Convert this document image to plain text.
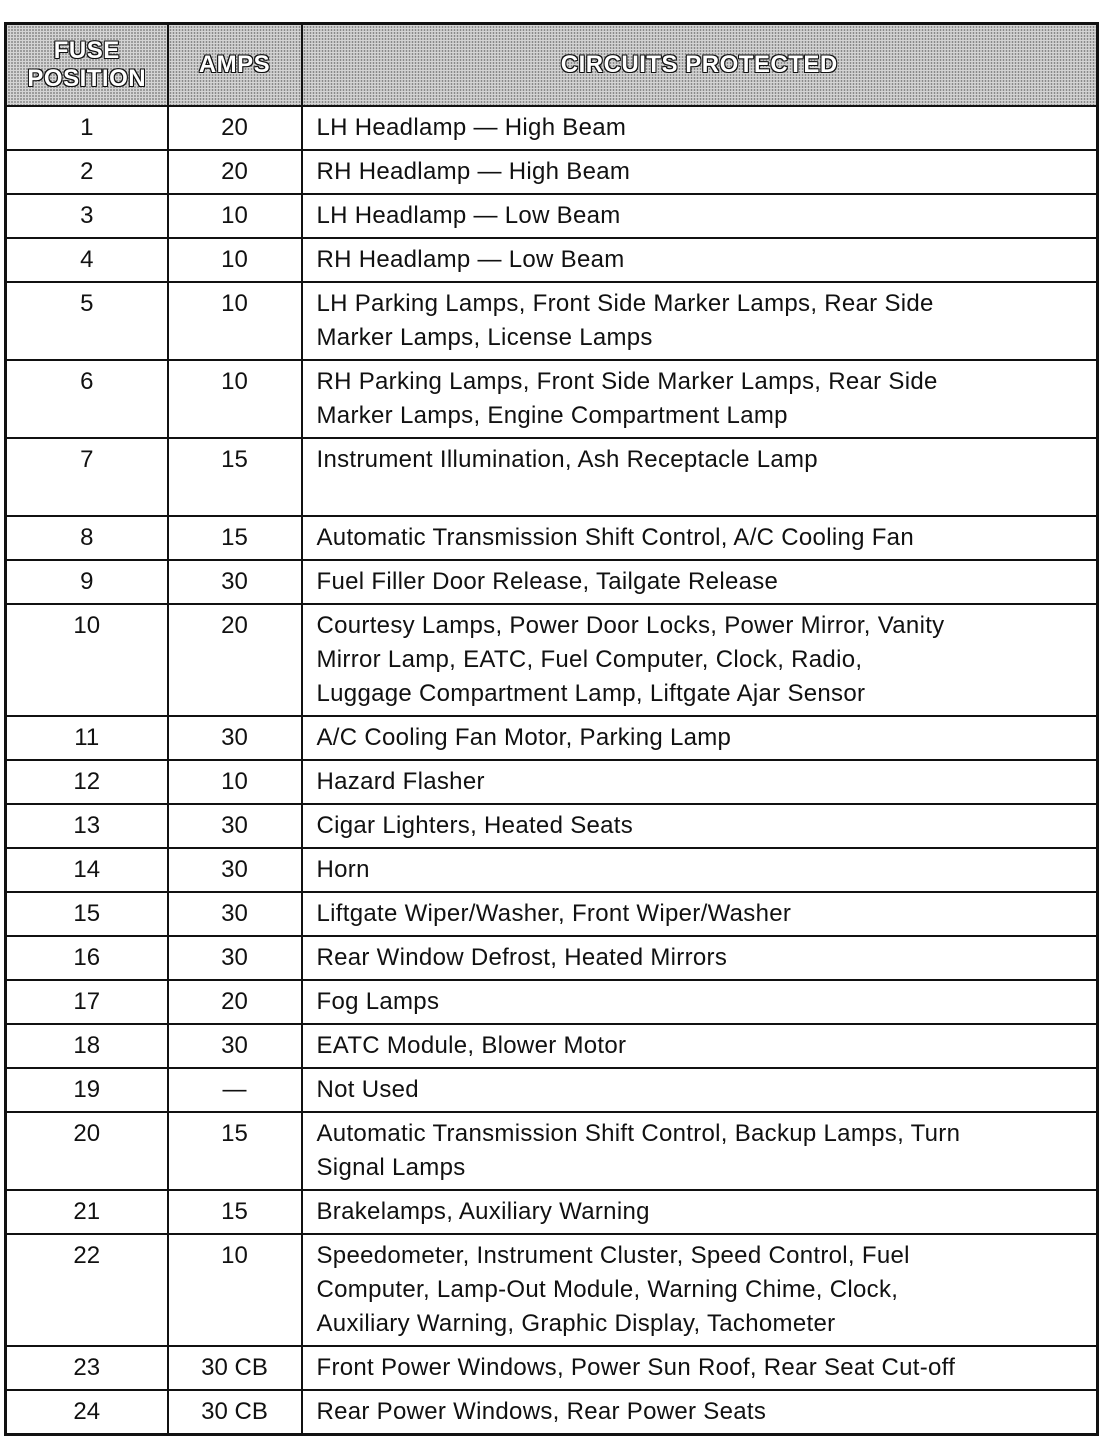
FUSE
POSITION	AMPS	CIRCUITS PROTECTED
1	20	LH Headlamp — High Beam

2	20	RH Headlamp — High Beam

3	10	LH Headlamp — Low Beam

4	10	RH Headlamp — Low Beam

5	10	LH Parking Lamps, Front Side Marker Lamps, Rear Side
Marker Lamps, License Lamps

6	10	RH Parking Lamps, Front Side Marker Lamps, Rear Side
Marker Lamps, Engine Compartment Lamp

7	15	Instrument Illumination, Ash Receptacle Lamp

8	15	Automatic Transmission Shift Control, A/C Cooling Fan

9	30	Fuel Filler Door Release, Tailgate Release

10	20	Courtesy Lamps, Power Door Locks, Power Mirror, Vanity
Mirror Lamp, EATC, Fuel Computer, Clock, Radio,
Luggage Compartment Lamp, Liftgate Ajar Sensor

11	30	A/C Cooling Fan Motor, Parking Lamp

12	10	Hazard Flasher

13	30	Cigar Lighters, Heated Seats

14	30	Horn

15	30	Liftgate Wiper/Washer, Front Wiper/Washer

16	30	Rear Window Defrost, Heated Mirrors

17	20	Fog Lamps

18	30	EATC Module, Blower Motor

19	—	Not Used

20	15	Automatic Transmission Shift Control, Backup Lamps, Turn
Signal Lamps

21	15	Brakelamps, Auxiliary Warning

22	10	Speedometer, Instrument Cluster, Speed Control, Fuel
Computer, Lamp-Out Module, Warning Chime, Clock,
Auxiliary Warning, Graphic Display, Tachometer

23	30 CB	Front Power Windows, Power Sun Roof, Rear Seat Cut-off

24	30 CB	Rear Power Windows, Rear Power Seats
